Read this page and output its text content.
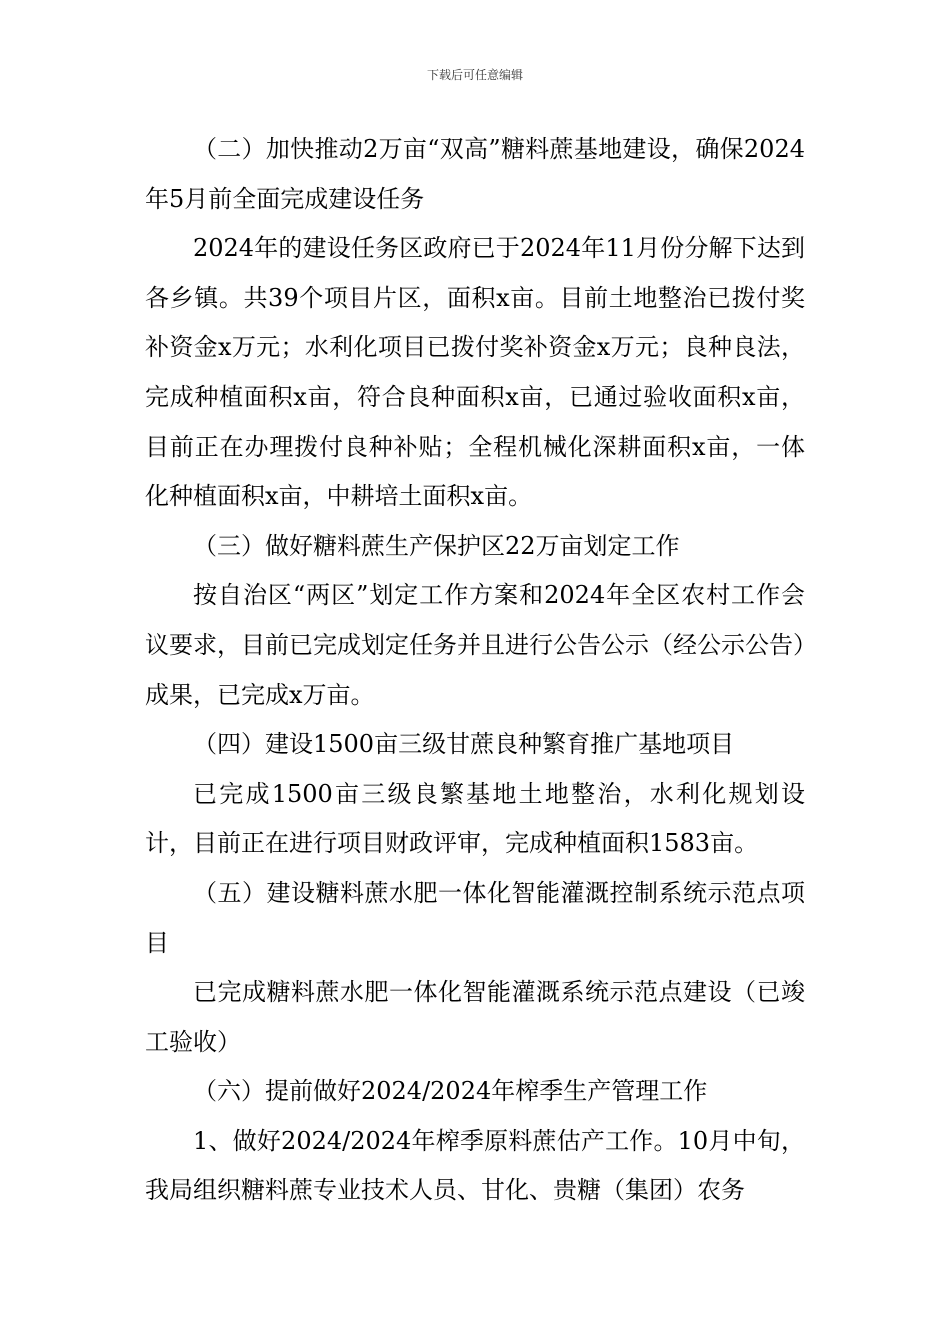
下载后可任意编辑

（二）加快推动2万亩“双高”糖料蔗基地建设，确保2024年5月前全面完成建设任务

2024年的建设任务区政府已于2024年11月份分解下达到各乡镇。共39个项目片区，面积x亩。目前土地整治已拨付奖补资金x万元；水利化项目已拨付奖补资金x万元；良种良法，完成种植面积x亩，符合良种面积x亩，已通过验收面积x亩，目前正在办理拨付良种补贴；全程机械化深耕面积x亩，一体化种植面积x亩，中耕培土面积x亩。

（三）做好糖料蔗生产保护区22万亩划定工作

按自治区“两区”划定工作方案和2024年全区农村工作会议要求，目前已完成划定任务并且进行公告公示（经公示公告）成果，已完成x万亩。

（四）建设1500亩三级甘蔗良种繁育推广基地项目

已完成1500亩三级良繁基地土地整治，水利化规划设计，目前正在进行项目财政评审，完成种植面积1583亩。

（五）建设糖料蔗水肥一体化智能灌溉控制系统示范点项目

已完成糖料蔗水肥一体化智能灌溉系统示范点建设（已竣工验收）

（六）提前做好2024/2024年榨季生产管理工作

1、做好2024/2024年榨季原料蔗估产工作。10月中旬，我局组织糖料蔗专业技术人员、甘化、贵糖（集团）农务
